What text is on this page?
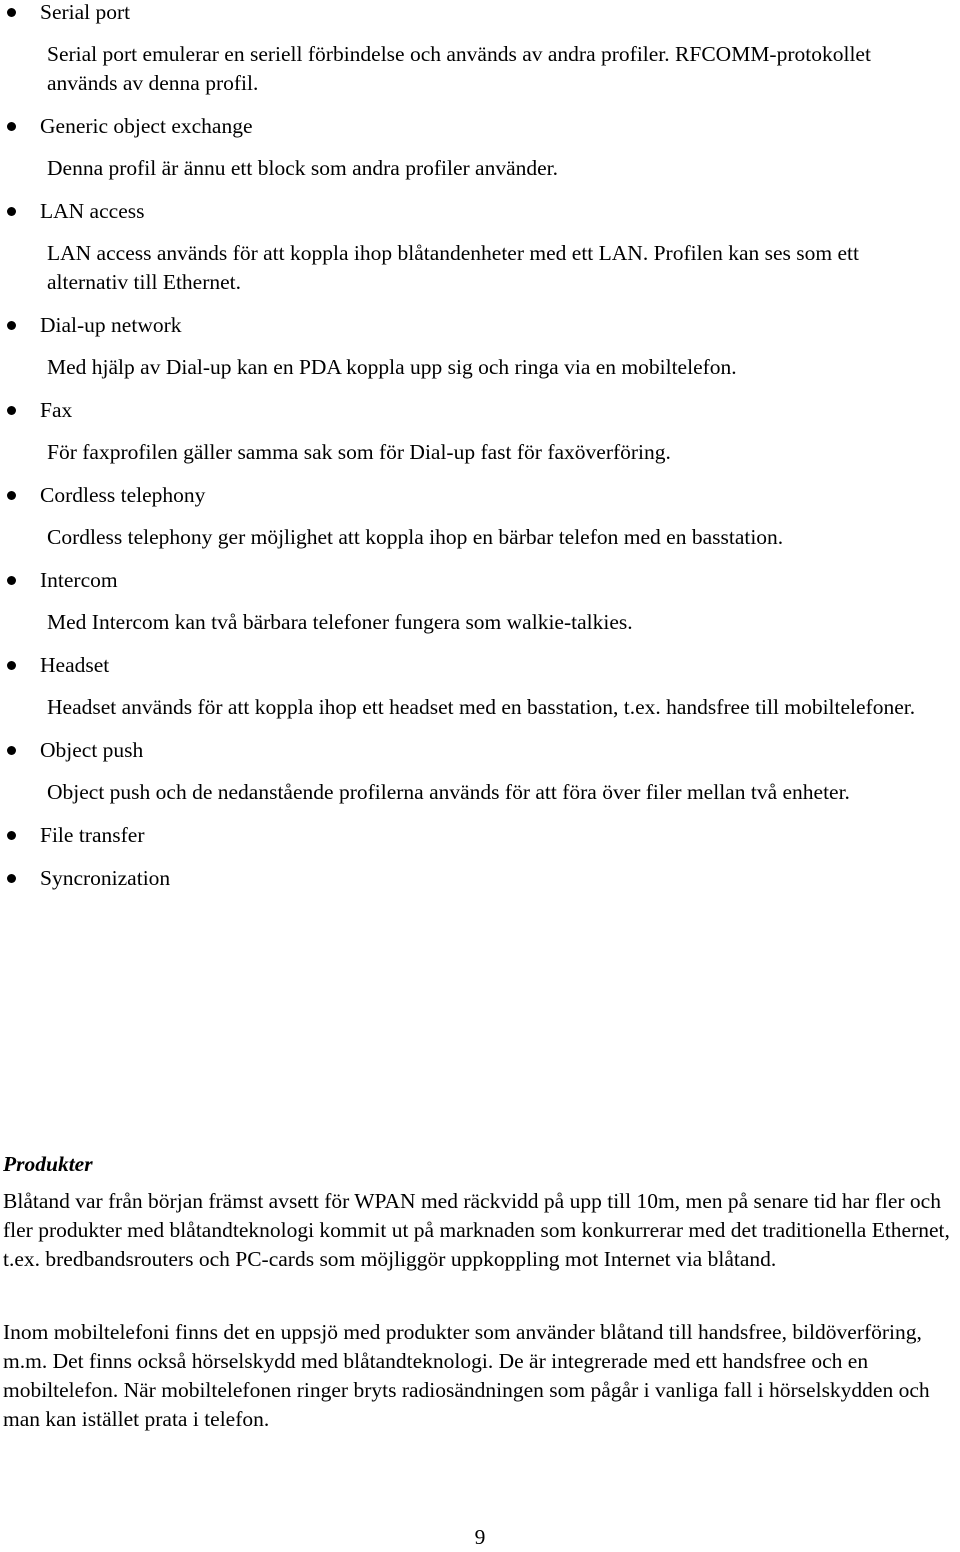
Serial port
Serial port emulerar en seriell förbindelse och används av andra profiler. RFCOMM-protokollet används av denna profil.
Generic object exchange
Denna profil är ännu ett block som andra profiler använder.
LAN access
LAN access används för att koppla ihop blåtandenheter med ett LAN. Profilen kan ses som ett alternativ till Ethernet.
Dial-up network
Med hjälp av Dial-up kan en PDA koppla upp sig och ringa via en mobiltelefon.
Fax
För faxprofilen gäller samma sak som för Dial-up fast för faxöverföring.
Cordless telephony
Cordless telephony ger möjlighet att koppla ihop en bärbar telefon med en basstation.
Intercom
Med Intercom kan två bärbara telefoner fungera som walkie-talkies.
Headset
Headset används för att koppla ihop ett headset med en basstation, t.ex. handsfree till mobiltelefoner.
Object push
Object push och de nedanstående profilerna används för att föra över filer mellan två enheter.
File transfer
Syncronization
Produkter

Blåtand var från början främst avsett för WPAN med räckvidd på upp till 10m, men på senare tid har fler och fler produkter med blåtandteknologi kommit ut på marknaden som konkurrerar med det traditionella Ethernet, t.ex. bredbandsrouters och PC-cards som möjliggör uppkoppling mot Internet via blåtand.

Inom mobiltelefoni finns det en uppsjö med produkter som använder blåtand till handsfree, bildöverföring, m.m. Det finns också hörselskydd med blåtandteknologi. De är integrerade med ett handsfree och en mobiltelefon. När mobiltelefonen ringer bryts radiosändningen som pågår i vanliga fall i hörselskydden och man kan istället prata i telefon.

9
